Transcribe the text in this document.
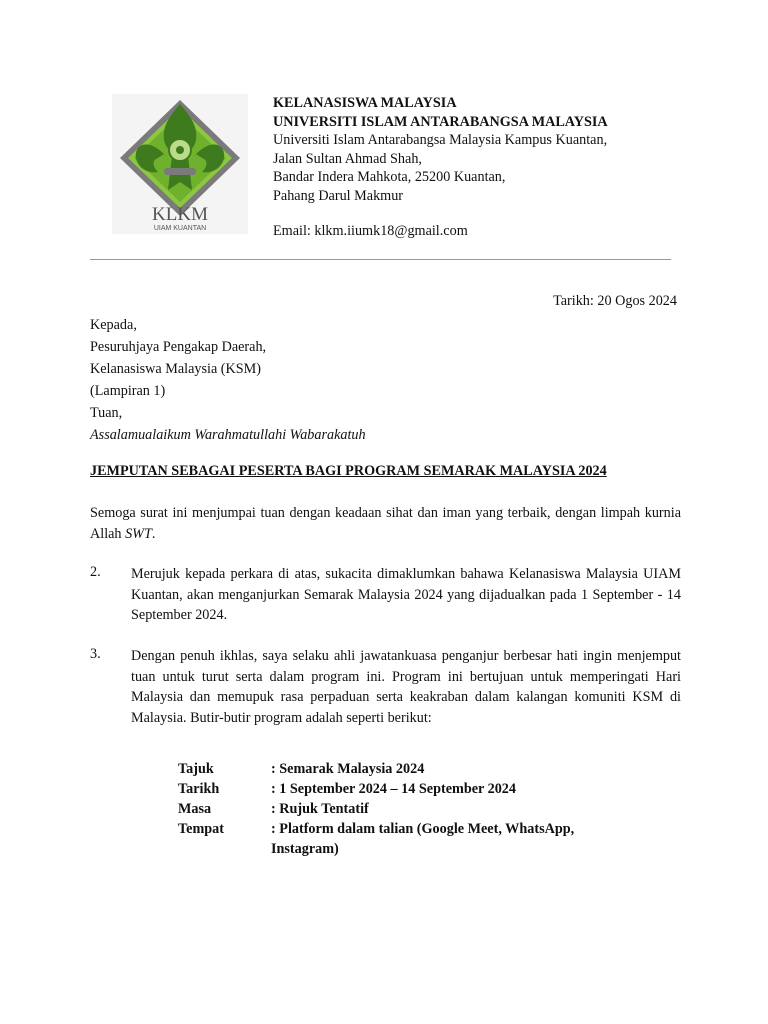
KLKM
UIAM KUANTAN
KELANASISWA MALAYSIA
UNIVERSITI ISLAM ANTARABANGSA MALAYSIA
Universiti Islam Antarabangsa Malaysia Kampus Kuantan,
Jalan Sultan Ahmad Shah,
Bandar Indera Mahkota, 25200 Kuantan,
Pahang Darul Makmur
Email: klkm.iiumk18@gmail.com
Tarikh: 20 Ogos 2024
Kepada,
Pesuruhjaya Pengakap Daerah,
Kelanasiswa Malaysia (KSM)
(Lampiran 1)
Tuan,
Assalamualaikum Warahmatullahi Wabarakatuh
JEMPUTAN SEBAGAI PESERTA BAGI PROGRAM SEMARAK MALAYSIA 2024
Semoga surat ini menjumpai tuan dengan keadaan sihat dan iman yang terbaik, dengan limpah kurnia Allah SWT.
2. Merujuk kepada perkara di atas, sukacita dimaklumkan bahawa Kelanasiswa Malaysia UIAM Kuantan, akan menganjurkan Semarak Malaysia 2024 yang dijadualkan pada 1 September - 14 September 2024.
3. Dengan penuh ikhlas, saya selaku ahli jawatankuasa penganjur berbesar hati ingin menjemput tuan untuk turut serta dalam program ini. Program ini bertujuan untuk memperingati Hari Malaysia dan memupuk rasa perpaduan serta keakraban dalam kalangan komuniti KSM di Malaysia. Butir-butir program adalah seperti berikut:
Tajuk	: Semarak Malaysia 2024
Tarikh	: 1 September 2024 – 14 September 2024
Masa	: Rujuk Tentatif
Tempat	: Platform dalam talian (Google Meet, WhatsApp, Instagram)
